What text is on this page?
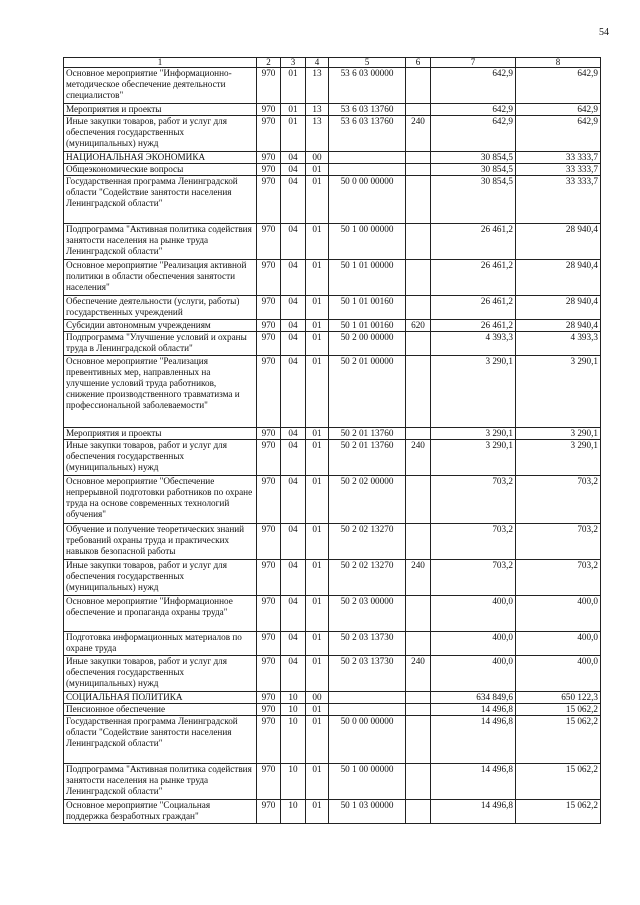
54
1	2	3	4	5	6	7	8
Основное мероприятие "Информационно-методическое обеспечение деятельности специалистов"	970	01	13	53 6 03 00000		642,9	642,9
Мероприятия и проекты	970	01	13	53 6 03 13760		642,9	642,9
Иные закупки товаров, работ и услуг для обеспечения государственных (муниципальных) нужд	970	01	13	53 6 03 13760	240	642,9	642,9
НАЦИОНАЛЬНАЯ ЭКОНОМИКА	970	04	00			30 854,5	33 333,7
Общеэкономические вопросы	970	04	01			30 854,5	33 333,7
Государственная программа Ленинградской области "Содействие занятости населения Ленинградской области"	970	04	01	50 0 00 00000		30 854,5	33 333,7
Подпрограмма "Активная политика содействия занятости населения на рынке труда Ленинградской области"	970	04	01	50 1 00 00000		26 461,2	28 940,4
Основное мероприятие "Реализация активной политики в области обеспечения занятости населения"	970	04	01	50 1 01 00000		26 461,2	28 940,4
Обеспечение деятельности (услуги, работы) государственных учреждений	970	04	01	50 1 01 00160		26 461,2	28 940,4
Субсидии автономным учреждениям	970	04	01	50 1 01 00160	620	26 461,2	28 940,4
Подпрограмма "Улучшение условий и охраны труда в Ленинградской области"	970	04	01	50 2 00 00000		4 393,3	4 393,3
Основное мероприятие "Реализация превентивных мер, направленных на улучшение условий труда работников, снижение производственного травматизма и профессиональной заболеваемости"	970	04	01	50 2 01 00000		3 290,1	3 290,1
Мероприятия и проекты	970	04	01	50 2 01 13760		3 290,1	3 290,1
Иные закупки товаров, работ и услуг для обеспечения государственных (муниципальных) нужд	970	04	01	50 2 01 13760	240	3 290,1	3 290,1
Основное мероприятие "Обеспечение непрерывной подготовки работников по охране труда на основе современных технологий обучения"	970	04	01	50 2 02 00000		703,2	703,2
Обучение и получение теоретических знаний требований охраны труда и практических навыков безопасной работы	970	04	01	50 2 02 13270		703,2	703,2
Иные закупки товаров, работ и услуг для обеспечения государственных (муниципальных) нужд	970	04	01	50 2 02 13270	240	703,2	703,2
Основное мероприятие "Информационное обеспечение и пропаганда охраны труда"	970	04	01	50 2 03 00000		400,0	400,0
Подготовка информационных материалов по охране труда	970	04	01	50 2 03 13730		400,0	400,0
Иные закупки товаров, работ и услуг для обеспечения государственных (муниципальных) нужд	970	04	01	50 2 03 13730	240	400,0	400,0
СОЦИАЛЬНАЯ ПОЛИТИКА	970	10	00			634 849,6	650 122,3
Пенсионное обеспечение	970	10	01			14 496,8	15 062,2
Государственная программа Ленинградской области "Содействие занятости населения Ленинградской области"	970	10	01	50 0 00 00000		14 496,8	15 062,2
Подпрограмма "Активная политика содействия занятости населения на рынке труда Ленинградской области"	970	10	01	50 1 00 00000		14 496,8	15 062,2
Основное мероприятие "Социальная поддержка безработных граждан"	970	10	01	50 1 03 00000		14 496,8	15 062,2
